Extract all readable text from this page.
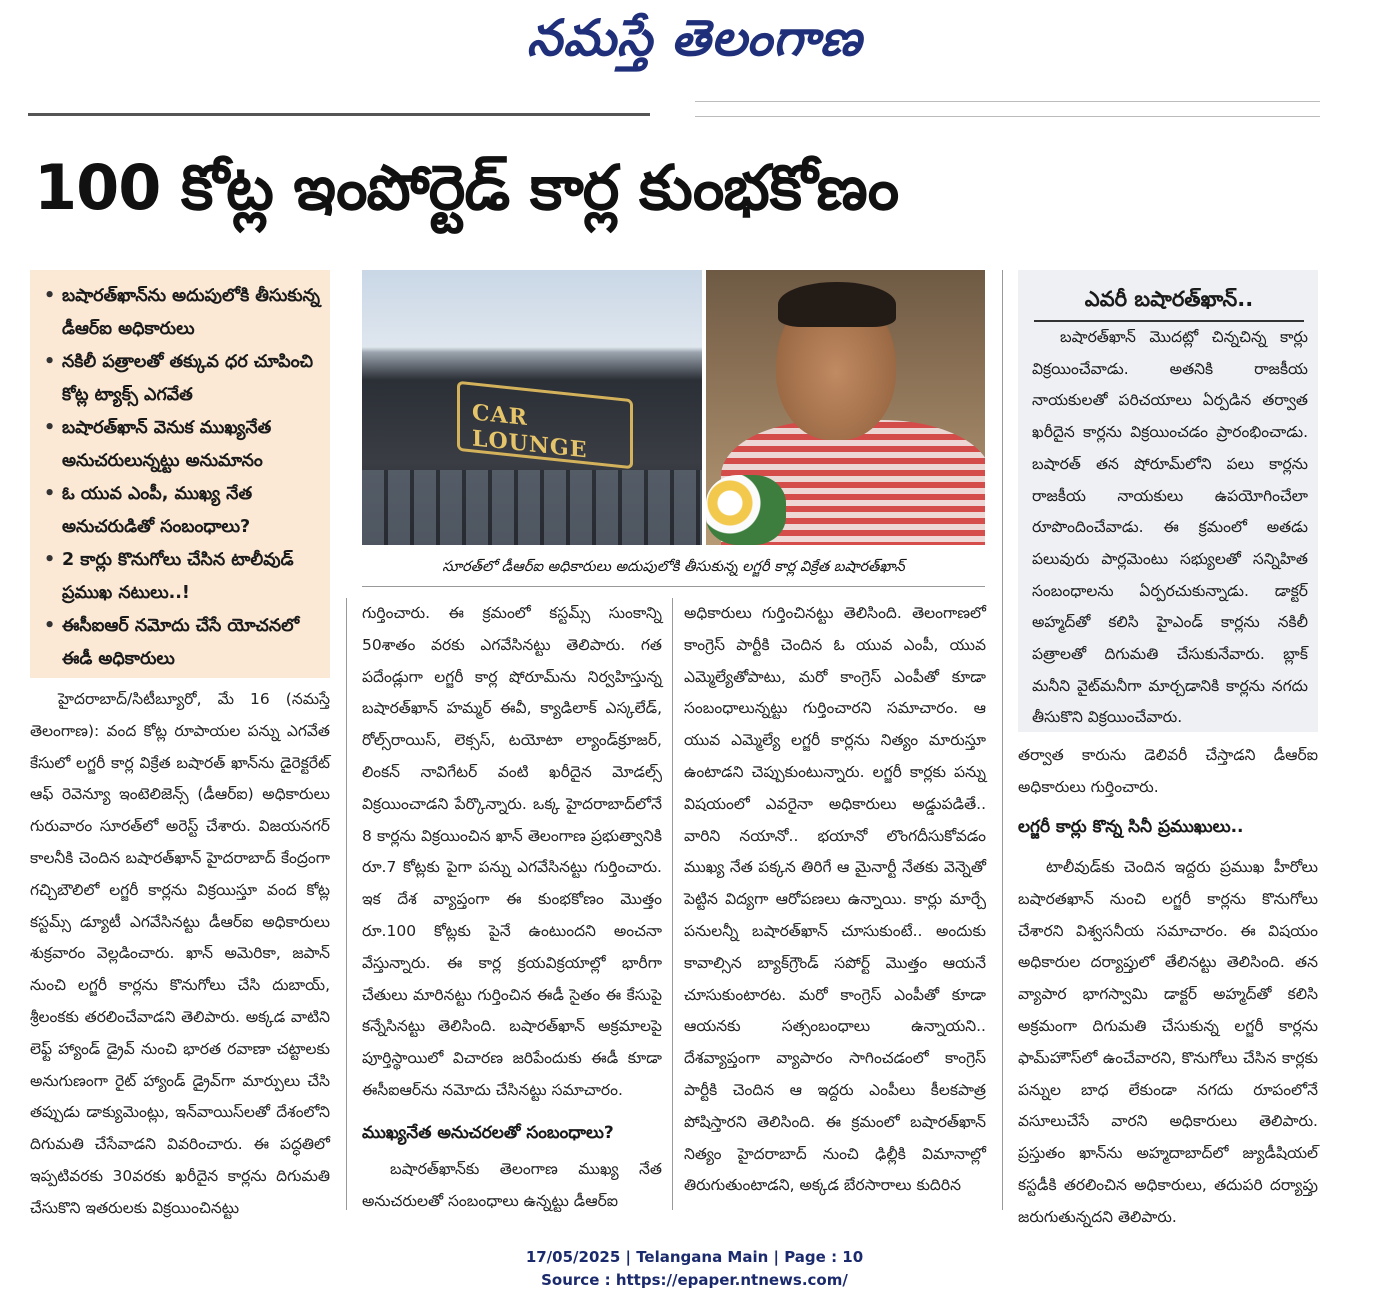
నమస్తే తెలంగాణ
100 కోట్ల ఇంపోర్టెడ్ కార్ల కుంభకోణం
• బషారత్‌ఖాన్‌ను అదుపులోకి తీసుకున్న డీఆర్‌ఐ అధికారులు
• నకిలీ పత్రాలతో తక్కువ ధర చూపించి కోట్ల ట్యాక్స్ ఎగవేత
• బషారత్‌ఖాన్ వెనుక ముఖ్యనేత అనుచరులున్నట్టు అనుమానం
• ఓ యువ ఎంపీ, ముఖ్య నేత అనుచరుడితో సంబంధాలు?
• 2 కార్లు కొనుగోలు చేసిన టాలీవుడ్ ప్రముఖ నటులు..!
• ఈసీఐఆర్ నమోదు చేసే యోచనలో ఈడీ అధికారులు
CAR LOUNGE
సూరత్‌లో డీఆర్‌ఐ అధికారులు అదుపులోకి తీసుకున్న లగ్జరీ కార్ల విక్రేత బషారత్‌ఖాన్

హైదరాబాద్/సిటీబ్యూరో, మే 16 (నమస్తే తెలంగాణ): వంద కోట్ల రూపాయల పన్ను ఎగవేత కేసులో లగ్జరీ కార్ల విక్రేత బషారత్ ఖాన్‌ను డైరెక్టరేట్ ఆఫ్ రెవెన్యూ ఇంటెలిజెన్స్ (డీఆర్ఐ) అధికారులు గురువారం సూరత్‌లో అరెస్ట్ చేశారు. విజయనగర్ కాలనీకి చెందిన బషారత్‌ఖాన్ హైదరాబాద్ కేంద్రంగా గచ్చిబౌలిలో లగ్జరీ కార్లను విక్రయిస్తూ వంద కోట్ల కస్టమ్స్ డ్యూటీ ఎగవేసినట్టు డీఆర్ఐ అధికారులు శుక్రవారం వెల్లడించారు. ఖాన్ అమెరికా, జపాన్ నుంచి లగ్జరీ కార్లను కొనుగోలు చేసి దుబాయ్, శ్రీలంకకు తరలించేవాడని తెలిపారు. అక్కడ వాటిని లెఫ్ట్ హ్యాండ్ డ్రైవ్ నుంచి భారత రవాణా చట్టాలకు అనుగుణంగా రైట్ హ్యాండ్ డ్రైవ్‌గా మార్పులు చేసి తప్పుడు డాక్యుమెంట్లు, ఇన్‌వాయిస్‌లతో దేశంలోని దిగుమతి చేసేవాడని వివరించారు. ఈ పద్ధతిలో ఇప్పటివరకు 30వరకు ఖరీదైన కార్లను దిగుమతి చేసుకొని ఇతరులకు విక్రయించినట్టు

గుర్తించారు. ఈ క్రమంలో కస్టమ్స్ సుంకాన్ని 50శాతం వరకు ఎగవేసినట్టు తెలిపారు. గత పదేండ్లుగా లగ్జరీ కార్ల షోరూమ్‌ను నిర్వహిస్తున్న బషారత్‌ఖాన్ హమ్మర్ ఈవీ, క్యాడిలాక్ ఎస్కలేడ్, రోల్స్‌రాయిస్, లెక్సస్, టయోటా ల్యాండ్‌క్రూజర్, లింకన్ నావిగేటర్ వంటి ఖరీదైన మోడల్స్ విక్రయించాడని పేర్కొన్నారు. ఒక్క హైదరాబాద్‌లోనే 8 కార్లను విక్రయించిన ఖాన్ తెలంగాణ ప్రభుత్వానికి రూ.7 కోట్లకు పైగా పన్ను ఎగవేసినట్టు గుర్తించారు. ఇక దేశ వ్యాప్తంగా ఈ కుంభకోణం మొత్తం రూ.100 కోట్లకు పైనే ఉంటుందని అంచనా వేస్తున్నారు. ఈ కార్ల క్రయవిక్రయాల్లో భారీగా చేతులు మారినట్టు గుర్తించిన ఈడీ సైతం ఈ కేసుపై కన్నేసినట్టు తెలిసింది. బషారత్‌ఖాన్ అక్రమాలపై పూర్తిస్థాయిలో విచారణ జరిపేందుకు ఈడీ కూడా ఈసీఐఆర్‌ను నమోదు చేసినట్టు సమాచారం.

ముఖ్యనేత అనుచరలతో సంబంధాలు?

బషారత్‌ఖాన్‌కు తెలంగాణ ముఖ్య నేత అనుచరులతో సంబంధాలు ఉన్నట్టు డీఆర్ఐ

అధికారులు గుర్తించినట్టు తెలిసింది. తెలంగాణలో కాంగ్రెస్ పార్టీకి చెందిన ఓ యువ ఎంపీ, యువ ఎమ్మెల్యేతోపాటు, మరో కాంగ్రెస్ ఎంపీతో కూడా సంబంధాలున్నట్టు గుర్తించారని సమాచారం. ఆ యువ ఎమ్మెల్యే లగ్జరీ కార్లను నిత్యం మారుస్తూ ఉంటాడని చెప్పుకుంటున్నారు. లగ్జరీ కార్లకు పన్ను విషయంలో ఎవరైనా అధికారులు అడ్డుపడితే.. వారిని నయానో.. భయానో లొంగదీసుకోవడం ముఖ్య నేత పక్కన తిరిగే ఆ మైనార్టీ నేతకు వెన్నెతో పెట్టిన విద్యగా ఆరోపణలు ఉన్నాయి. కార్లు మార్చే పనులన్నీ బషారత్‌ఖాన్ చూసుకుంటే.. అందుకు కావాల్సిన బ్యాక్‌గ్రౌండ్ సపోర్ట్ మొత్తం ఆయనే చూసుకుంటారట. మరో కాంగ్రెస్ ఎంపీతో కూడా ఆయనకు సత్సంబంధాలు ఉన్నాయని.. దేశవ్యాప్తంగా వ్యాపారం సాగించడంలో కాంగ్రెస్ పార్టీకి చెందిన ఆ ఇద్దరు ఎంపీలు కీలకపాత్ర పోషిస్తారని తెలిసింది. ఈ క్రమంలో బషారత్‌ఖాన్ నిత్యం హైదరాబాద్ నుంచి ఢిల్లీకి విమానాల్లో తిరుగుతుంటాడని, అక్కడ బేరసారాలు కుదిరిన

ఎవరీ బషారత్‌ఖాన్..

బషారత్‌ఖాన్ మొదట్లో చిన్నచిన్న కార్లు విక్రయించేవాడు. అతనికి రాజకీయ నాయకులతో పరిచయాలు ఏర్పడిన తర్వాత ఖరీదైన కార్లను విక్రయించడం ప్రారంభించాడు. బషారత్ తన షోరూమ్‌లోని పలు కార్లను రాజకీయ నాయకులు ఉపయోగించేలా రూపొందించేవాడు. ఈ క్రమంలో అతడు పలువురు పార్లమెంటు సభ్యులతో సన్నిహిత సంబంధాలను ఏర్పరచుకున్నాడు. డాక్టర్ అహ్మద్‌తో కలిసి హైఎండ్ కార్లను నకిలీ పత్రాలతో దిగుమతి చేసుకునేవారు. బ్లాక్ మనీని వైట్‌మనీగా మార్చడానికి కార్లను నగదు తీసుకొని విక్రయించేవారు.

తర్వాత కారును డెలివరీ చేస్తాడని డీఆర్ఐ అధికారులు గుర్తించారు.

లగ్జరీ కార్లు కొన్న సినీ ప్రముఖులు..

టాలీవుడ్‌కు చెందిన ఇద్దరు ప్రముఖ హీరోలు బషారతఖాన్ నుంచి లగ్జరీ కార్లను కొనుగోలు చేశారని విశ్వసనీయ సమాచారం. ఈ విషయం అధికారుల దర్యాప్తులో తేలినట్టు తెలిసింది. తన వ్యాపార భాగస్వామి డాక్టర్ అహ్మద్‌తో కలిసి అక్రమంగా దిగుమతి చేసుకున్న లగ్జరీ కార్లను ఫామ్‌హౌస్‌లో ఉంచేవారని, కొనుగోలు చేసిన కార్లకు పన్నుల బాధ లేకుండా నగదు రూపంలోనే వసూలుచేసే వారని అధికారులు తెలిపారు. ప్రస్తుతం ఖాన్‌ను అహ్మదాబాద్‌లో జ్యుడీషియల్ కస్టడీకి తరలించిన అధికారులు, తదుపరి దర్యాప్తు జరుగుతున్నదని తెలిపారు.

17/05/2025 | Telangana Main | Page : 10
Source : https://epaper.ntnews.com/
